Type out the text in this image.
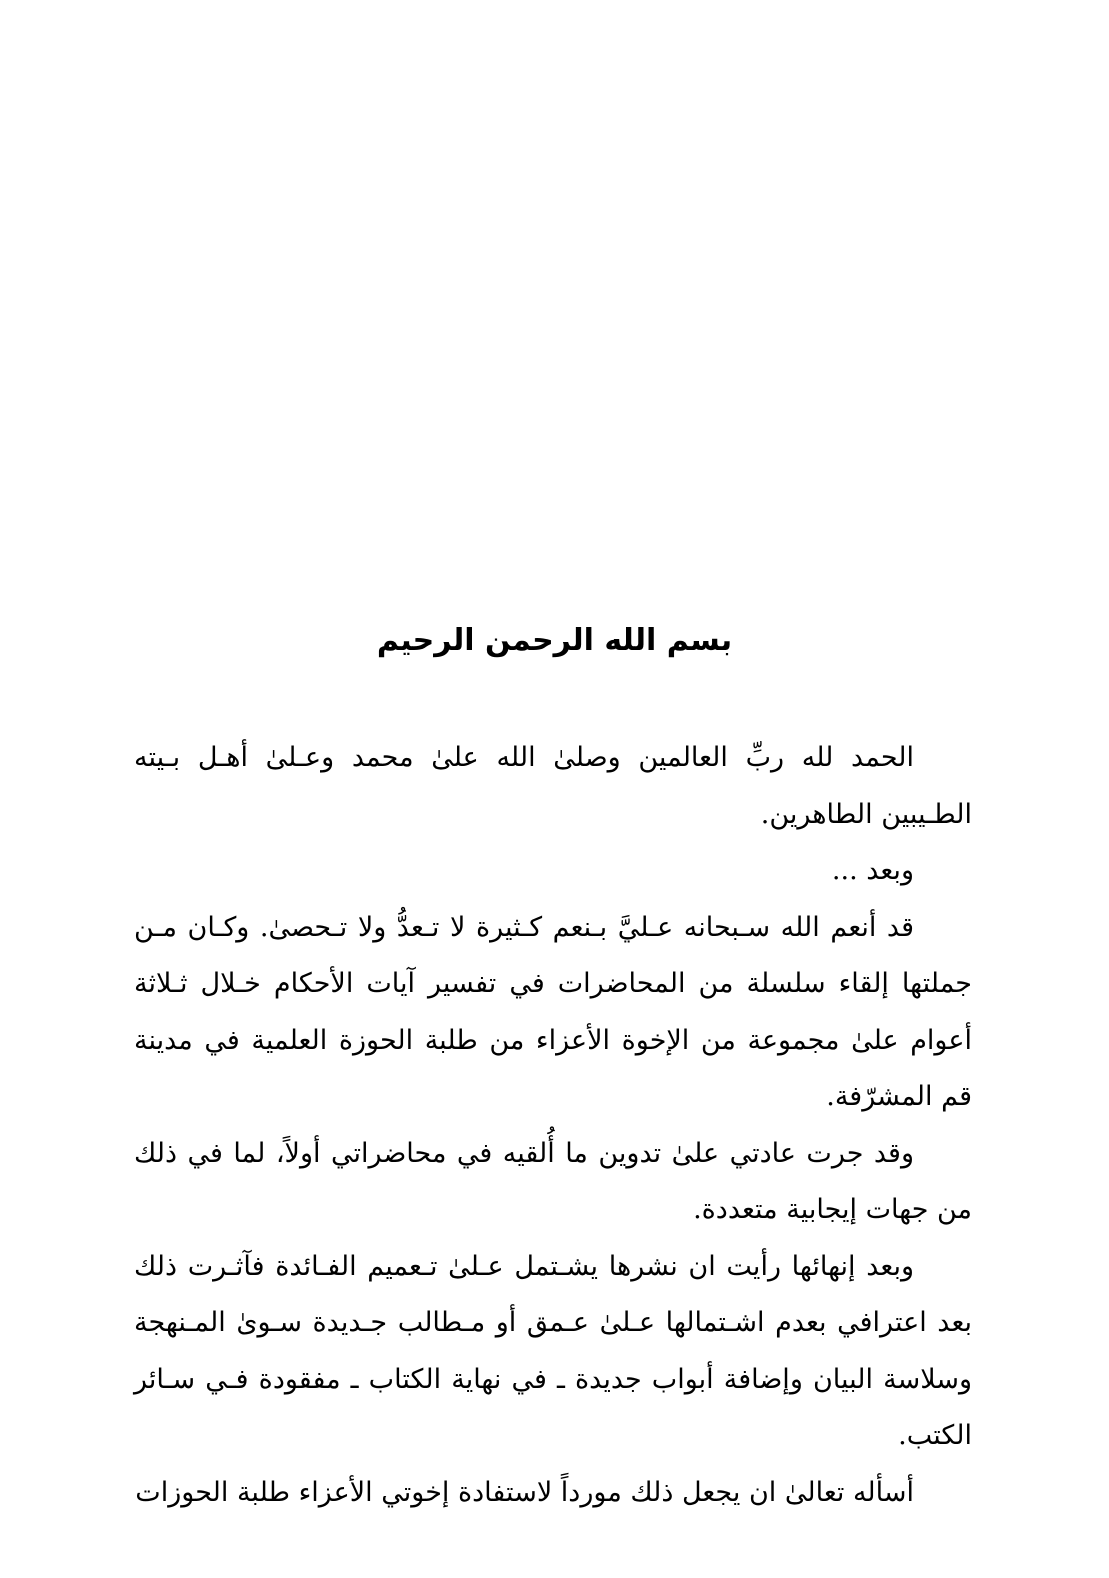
بسم الله الرحمن الرحيم

الحمد لله ربِّ العالمين وصلىٰ الله علىٰ محمد وعـلىٰ أهـل بـيته الطـيبين الطاهرين.

وبعد ...

قد أنعم الله سـبحانه عـليَّ بـنعم كـثيرة لا تـعدُّ ولا تـحصىٰ. وكـان مـن جملتها إلقاء سلسلة من المحاضرات في تفسير آيات الأحكام خـلال ثـلاثة أعوام علىٰ مجموعة من الإخوة الأعزاء من طلبة الحوزة العلمية في مدينة قم المشرّفة.

وقد جرت عادتي علىٰ تدوين ما أُلقيه في محاضراتي أولاً، لما في ذلك من جهات إيجابية متعددة.

وبعد إنهائها رأيت ان نشرها يشـتمل عـلىٰ تـعميم الفـائدة فآثـرت ذلك بعد اعترافي بعدم اشـتمالها عـلىٰ عـمق أو مـطالب جـديدة سـوىٰ المـنهجة وسلاسة البيان وإضافة أبواب جديدة ـ في نهاية الكتاب ـ مفقودة فـي سـائر الكتب.

أسأله تعالىٰ ان يجعل ذلك مورداً لاستفادة إخوتي الأعزاء طلبة الحوزات
